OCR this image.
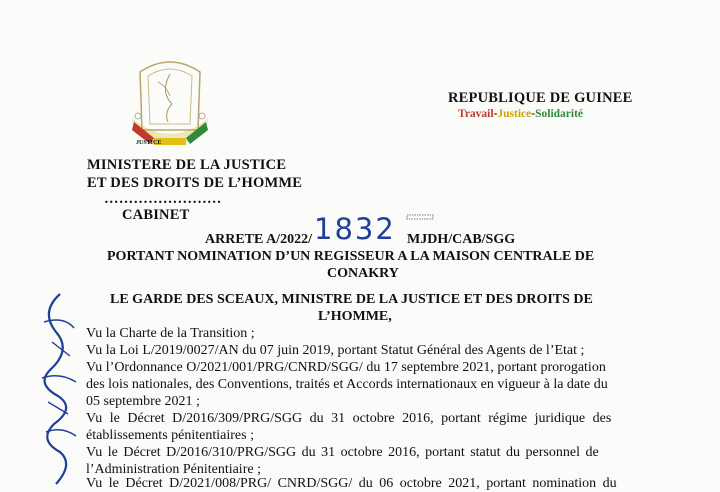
JUSTICE
REPUBLIQUE DE GUINEE
Travail-Justice-Solidarité
MINISTERE DE LA JUSTICE
ET DES DROITS DE L’HOMME
……………………
CABINET
ARRETE A/2022/ 1832 MJDH/CAB/SGG
PORTANT NOMINATION D’UN REGISSEUR A LA MAISON CENTRALE DE
CONAKRY
LE GARDE DES SCEAUX, MINISTRE DE LA JUSTICE ET DES DROITS DE
L’HOMME,
Vu la Charte de la Transition ;
Vu la Loi L/2019/0027/AN du 07 juin 2019, portant Statut Général des Agents de l’Etat ;
Vu l’Ordonnance O/2021/001/PRG/CNRD/SGG/ du 17 septembre 2021, portant prorogation
des lois nationales, des Conventions, traités et Accords internationaux en vigueur à la date du
05 septembre 2021 ;
Vu le Décret D/2016/309/PRG/SGG du 31 octobre 2016, portant régime juridique des
établissements pénitentiaires ;
Vu le Décret D/2016/310/PRG/SGG du 31 octobre 2016, portant statut du personnel de
l’Administration Pénitentiaire ;
Vu le Décret D/2021/008/PRG/ CNRD/SGG/ du 06 octobre 2021, portant nomination du
